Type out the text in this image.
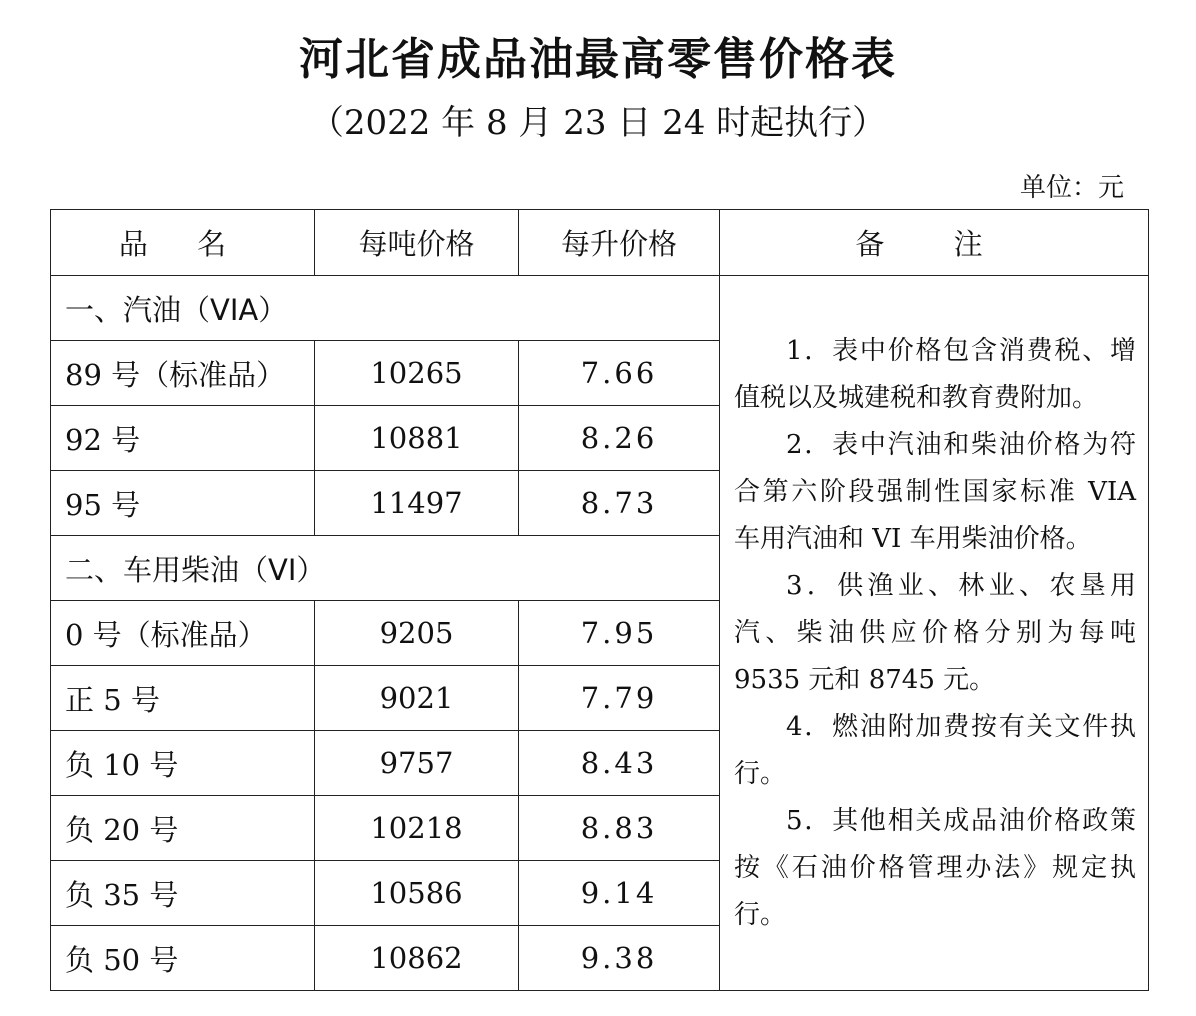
河北省成品油最高零售价格表
（2022 年 8 月 23 日 24 时起执行）
单位：元
品 名	每吨价格	每升价格	备 注
一、汽油（VIA）			1．表中价格包含消费税、增值税以及城建税和教育费附加。
2．表中汽油和柴油价格为符合第六阶段强制性国家标准 VIA 车用汽油和 VI 车用柴油价格。
3．供渔业、林业、农垦用汽、柴油供应价格分别为每吨 9535 元和 8745 元。
4．燃油附加费按有关文件执行。
5．其他相关成品油价格政策按《石油价格管理办法》规定执行。

89 号（标准品）	10265	7.66	
92 号	10881	8.26	
95 号	11497	8.73	
二、车用柴油（VI）			
0 号（标准品）	9205	7.95	
正 5 号	9021	7.79	
负 10 号	9757	8.43	
负 20 号	10218	8.83	
负 35 号	10586	9.14	
负 50 号	10862	9.38	
